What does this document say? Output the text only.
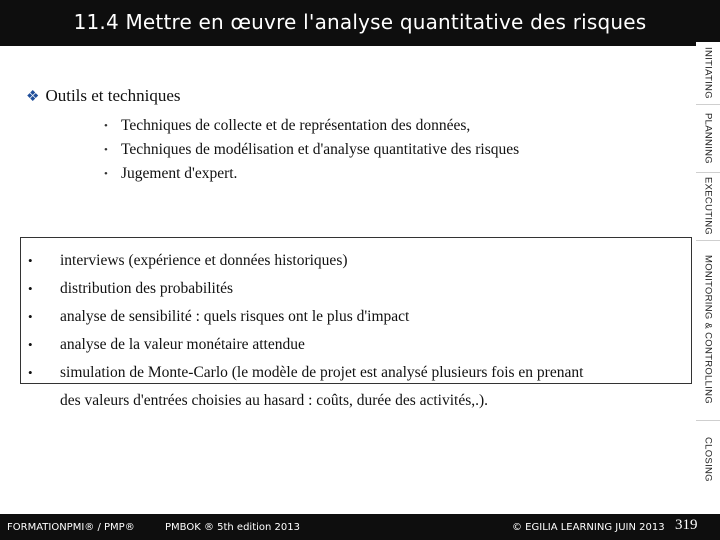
11.4 Mettre en œuvre l'analyse quantitative des risques
INITIATING
PLANNING
EXECUTING
MONITORING & CONTROLLING
CLOSING
❖ Outils et techniques
• Techniques de collecte et de représentation des données,
• Techniques de modélisation et d'analyse quantitative des risques
• Jugement d'expert.
•	interviews (expérience et données historiques)
•	distribution des probabilités
•	analyse de sensibilité : quels risques ont le plus d'impact
•	analyse de la valeur monétaire attendue
•	simulation de Monte-Carlo (le modèle de projet est analysé plusieurs fois en prenant
des valeurs d'entrées choisies au hasard : coûts, durée des activités,.).
FORMATIONPMI® / PMP®	PMBOK ® 5th edition 2013	© EGILIA LEARNING JUIN 2013 319
